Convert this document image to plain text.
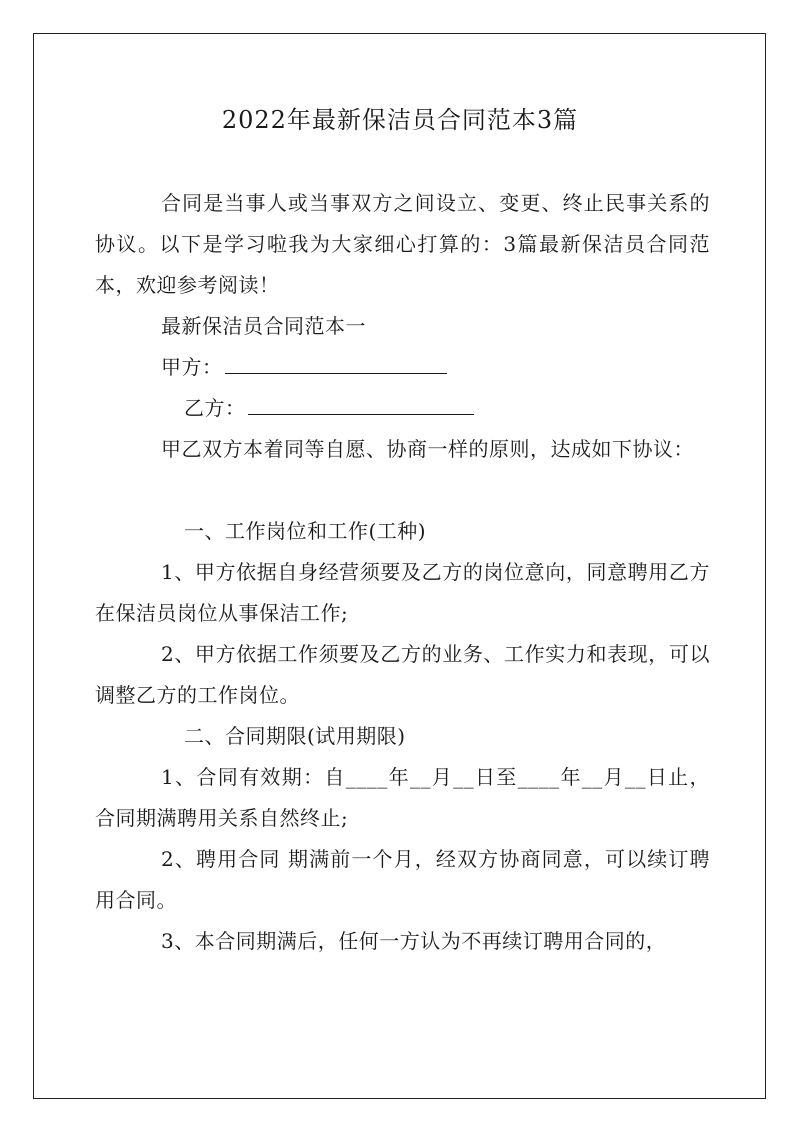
2022年最新保洁员合同范本3篇
合同是当事人或当事双方之间设立、变更、终止民事关系的协议。以下是学习啦我为大家细心打算的：3篇最新保洁员合同范本，欢迎参考阅读！
最新保洁员合同范本一
甲方：
乙方：
甲乙双方本着同等自愿、协商一样的原则，达成如下协议：
一、工作岗位和工作(工种)
1、甲方依据自身经营须要及乙方的岗位意向，同意聘用乙方在保洁员岗位从事保洁工作;
2、甲方依据工作须要及乙方的业务、工作实力和表现，可以调整乙方的工作岗位。
二、合同期限(试用期限)
1、合同有效期：自____年__月__日至____年__月__日止，合同期满聘用关系自然终止;
2、聘用合同 期满前一个月，经双方协商同意，可以续订聘用合同。
3、本合同期满后，任何一方认为不再续订聘用合同的，
